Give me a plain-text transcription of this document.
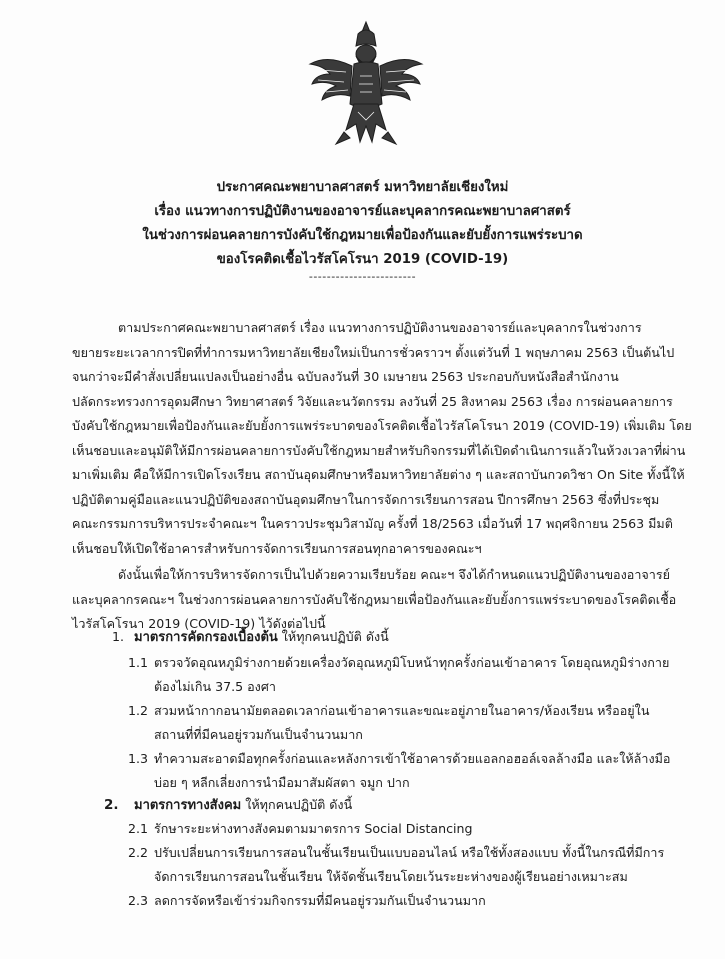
ประกาศคณะพยาบาลศาสตร์ มหาวิทยาลัยเชียงใหม่
เรื่อง แนวทางการปฏิบัติงานของอาจารย์และบุคลากรคณะพยาบาลศาสตร์
ในช่วงการผ่อนคลายการบังคับใช้กฎหมายเพื่อป้องกันและยับยั้งการแพร่ระบาด
ของโรคติดเชื้อไวรัสโคโรนา 2019 (COVID-19)
------------------------
ตามประกาศคณะพยาบาลศาสตร์ เรื่อง แนวทางการปฏิบัติงานของอาจารย์และบุคลากรในช่วงการ
ขยายระยะเวลาการปิดที่ทำการมหาวิทยาลัยเชียงใหม่เป็นการชั่วคราวฯ ตั้งแต่วันที่ 1 พฤษภาคม 2563 เป็นต้นไป
จนกว่าจะมีคำสั่งเปลี่ยนแปลงเป็นอย่างอื่น ฉบับลงวันที่ 30 เมษายน 2563 ประกอบกับหนังสือสำนักงาน
ปลัดกระทรวงการอุดมศึกษา วิทยาศาสตร์ วิจัยและนวัตกรรม ลงวันที่ 25 สิงหาคม 2563 เรื่อง การผ่อนคลายการ
บังคับใช้กฎหมายเพื่อป้องกันและยับยั้งการแพร่ระบาดของโรคติดเชื้อไวรัสโคโรนา 2019 (COVID-19) เพิ่มเติม โดย
เห็นชอบและอนุมัติให้มีการผ่อนคลายการบังคับใช้กฎหมายสำหรับกิจกรรมที่ได้เปิดดำเนินการแล้วในห้วงเวลาที่ผ่าน
มาเพิ่มเติม คือให้มีการเปิดโรงเรียน สถาบันอุดมศึกษาหรือมหาวิทยาลัยต่าง ๆ และสถาบันกวดวิชา On Site ทั้งนี้ให้
ปฏิบัติตามคู่มือและแนวปฏิบัติของสถาบันอุดมศึกษาในการจัดการเรียนการสอน ปีการศึกษา 2563 ซึ่งที่ประชุม
คณะกรรมการบริหารประจำคณะฯ ในคราวประชุมวิสามัญ ครั้งที่ 18/2563 เมื่อวันที่ 17 พฤศจิกายน 2563 มีมติ
เห็นชอบให้เปิดใช้อาคารสำหรับการจัดการเรียนการสอนทุกอาคารของคณะฯ
ดังนั้นเพื่อให้การบริหารจัดการเป็นไปด้วยความเรียบร้อย คณะฯ จึงได้กำหนดแนวปฏิบัติงานของอาจารย์
และบุคลากรคณะฯ ในช่วงการผ่อนคลายการบังคับใช้กฎหมายเพื่อป้องกันและยับยั้งการแพร่ระบาดของโรคติดเชื้อ
ไวรัสโคโรนา 2019 (COVID-19) ไว้ดังต่อไปนี้
1. มาตรการคัดกรองเบื้องต้น ให้ทุกคนปฏิบัติ ดังนี้
1.1 ตรวจวัดอุณหภูมิร่างกายด้วยเครื่องวัดอุณหภูมิโบหน้าทุกครั้งก่อนเข้าอาคาร โดยอุณหภูมิร่างกาย
ต้องไม่เกิน 37.5 องศา
1.2 สวมหน้ากากอนามัยตลอดเวลาก่อนเข้าอาคารและขณะอยู่ภายในอาคาร/ห้องเรียน หรืออยู่ใน
สถานที่ที่มีคนอยู่รวมกันเป็นจำนวนมาก
1.3 ทำความสะอาดมือทุกครั้งก่อนและหลังการเข้าใช้อาคารด้วยแอลกอฮอล์เจลล้างมือ และให้ล้างมือ
บ่อย ๆ หลีกเลี่ยงการนำมือมาสัมผัสตา จมูก ปาก
2. มาตรการทางสังคม ให้ทุกคนปฏิบัติ ดังนี้
2.1 รักษาระยะห่างทางสังคมตามมาตรการ Social Distancing
2.2 ปรับเปลี่ยนการเรียนการสอนในชั้นเรียนเป็นแบบออนไลน์ หรือใช้ทั้งสองแบบ ทั้งนี้ในกรณีที่มีการ
จัดการเรียนการสอนในชั้นเรียน ให้จัดชั้นเรียนโดยเว้นระยะห่างของผู้เรียนอย่างเหมาะสม
2.3 ลดการจัดหรือเข้าร่วมกิจกรรมที่มีคนอยู่รวมกันเป็นจำนวนมาก
